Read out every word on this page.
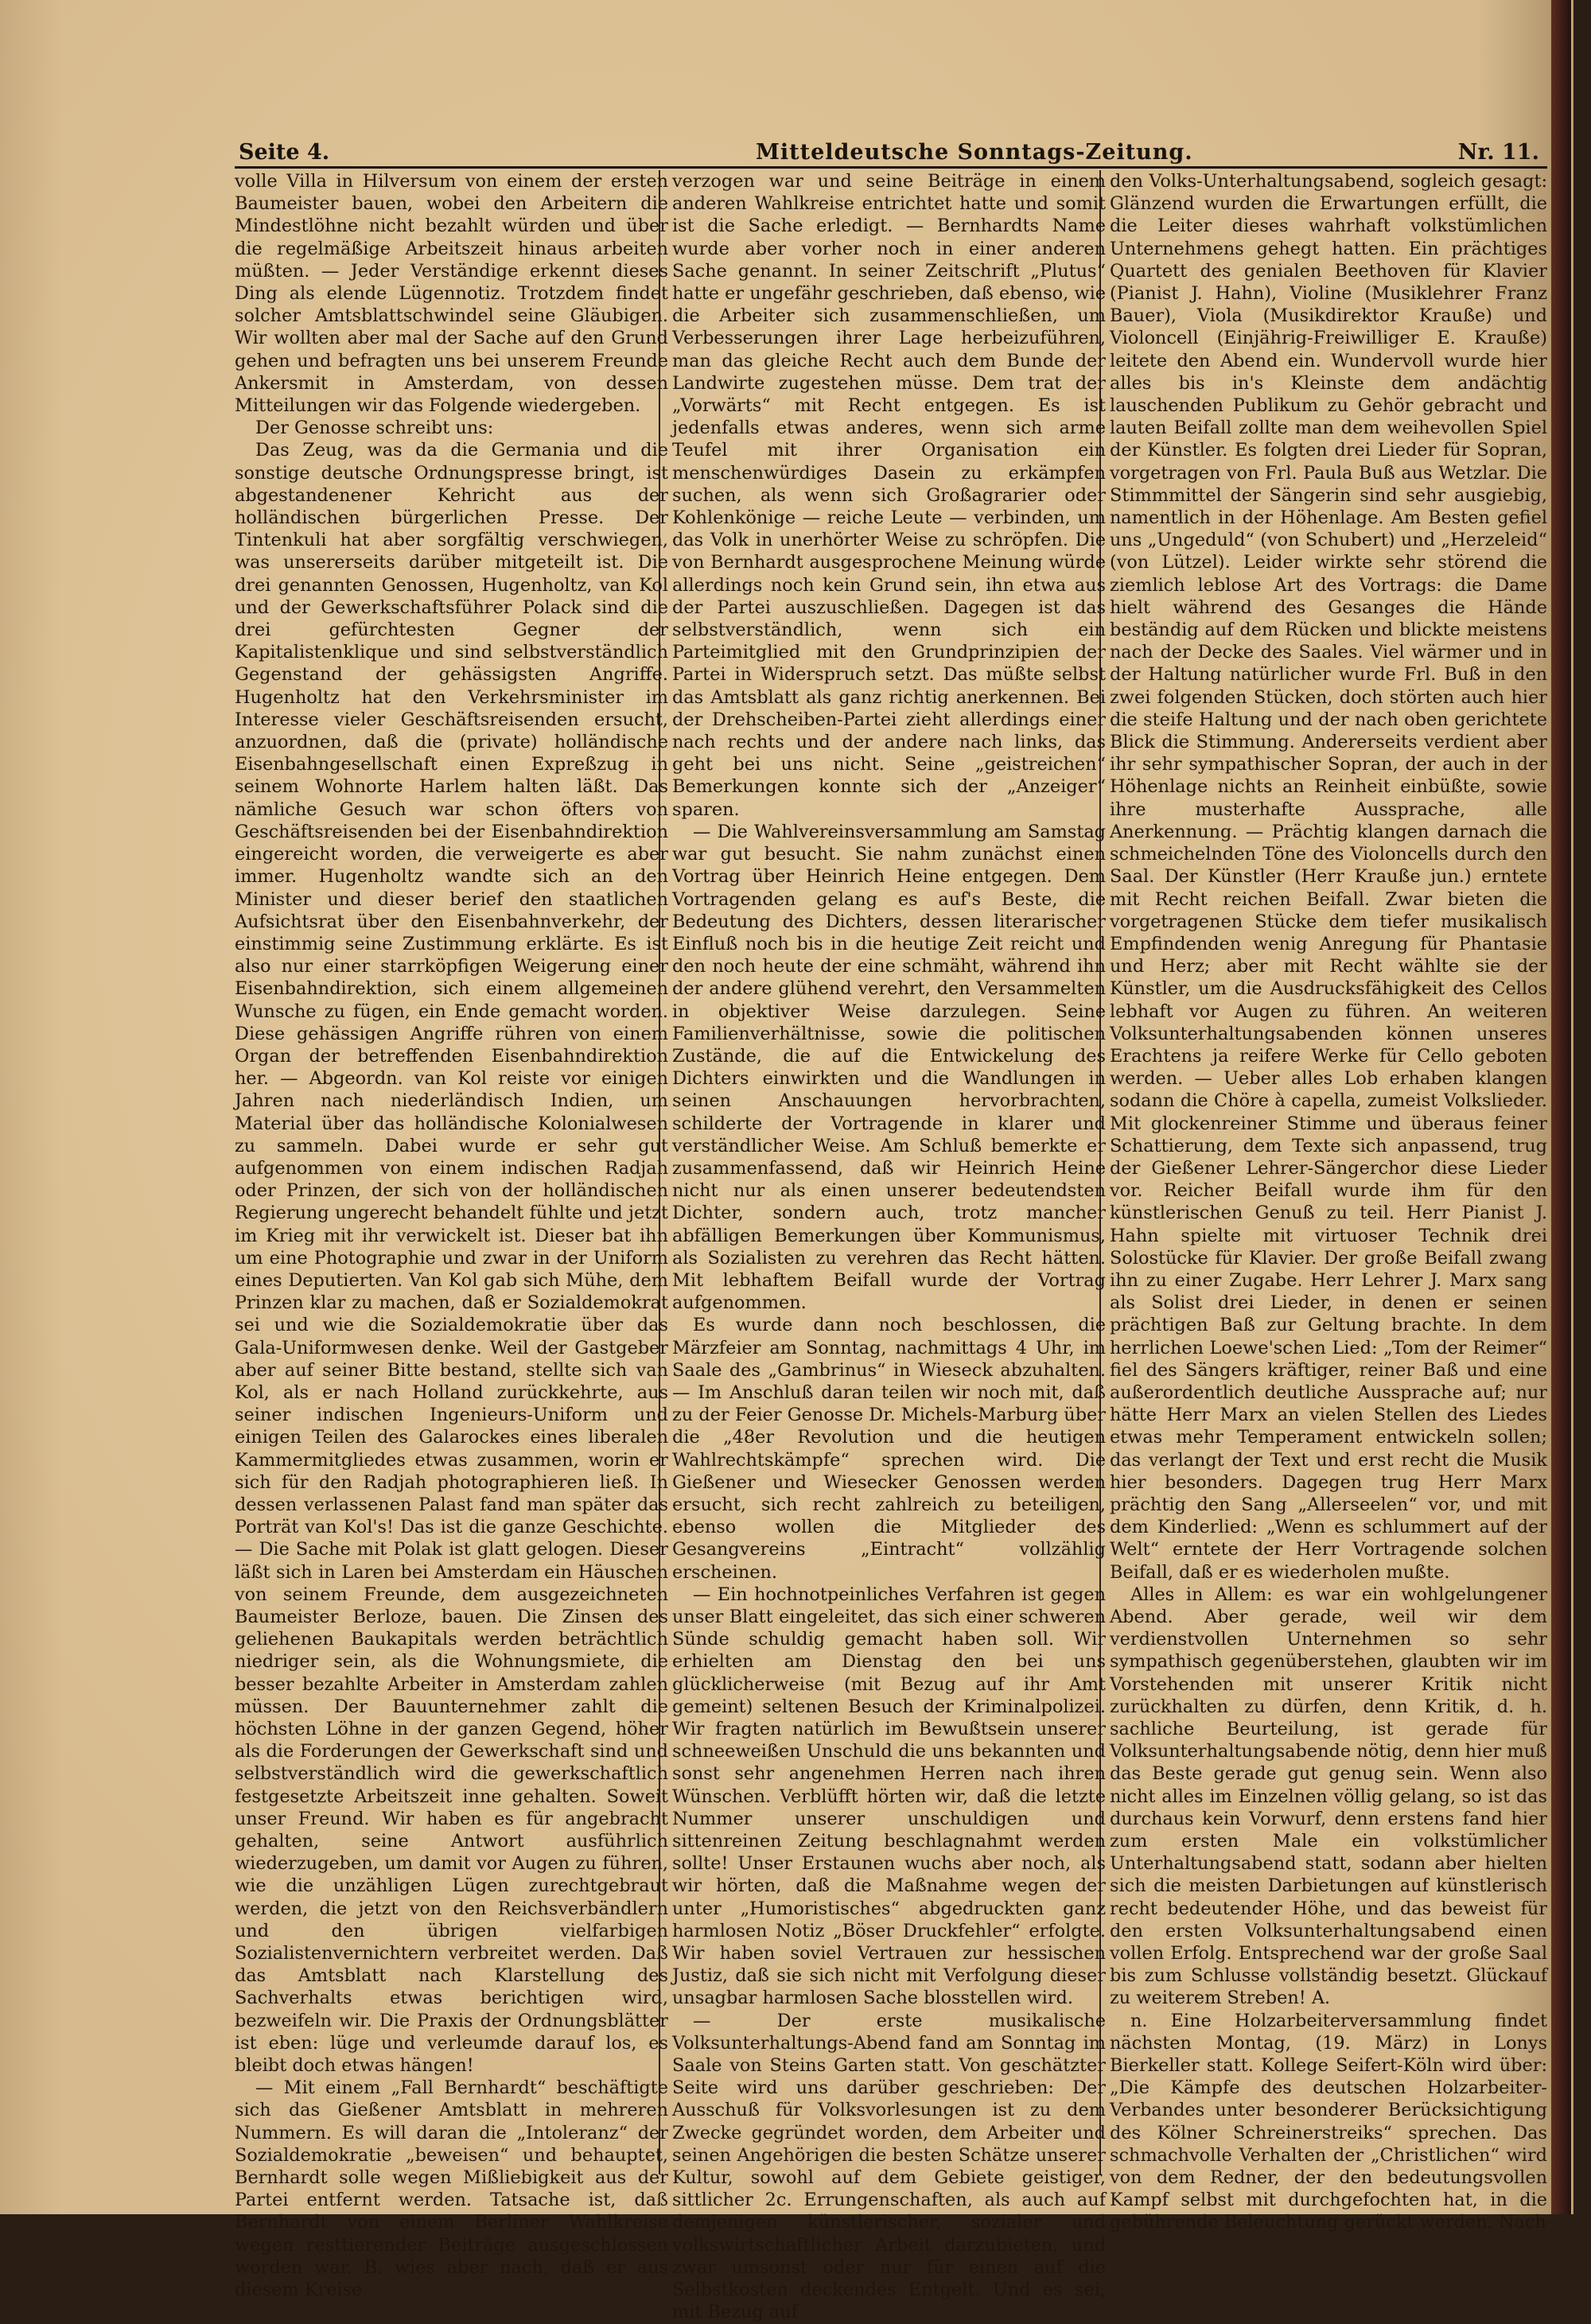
Seite 4.	Mitteldeutsche Sonntags-Zeitung.	Nr. 11.

volle Villa in Hilversum von einem der ersten Baumeister bauen, wobei den Arbeitern die Mindestlöhne nicht bezahlt würden und über die regelmäßige Arbeitszeit hinaus arbeiten müßten. — Jeder Verständige erkennt dieses Ding als elende Lügennotiz. Trotzdem findet solcher Amtsblattschwindel seine Gläubigen. Wir wollten aber mal der Sache auf den Grund gehen und befragten uns bei unserem Freunde Ankersmit in Amsterdam, von dessen Mitteilungen wir das Folgende wiedergeben.

Der Genosse schreibt uns:

Das Zeug, was da die Germania und die sonstige deutsche Ordnungspresse bringt, ist abgestandenener Kehricht aus der holländischen bürgerlichen Presse. Der Tintenkuli hat aber sorgfältig verschwiegen, was unsererseits darüber mitgeteilt ist. Die drei genannten Genossen, Hugenholtz, van Kol und der Gewerkschaftsführer Polack sind die drei gefürchtesten Gegner der Kapitalistenklique und sind selbstverständlich Gegenstand der gehässigsten Angriffe. Hugenholtz hat den Verkehrsminister im Interesse vieler Geschäftsreisenden ersucht, anzuordnen, daß die (private) holländische Eisenbahngesellschaft einen Expreßzug in seinem Wohnorte Harlem halten läßt. Das nämliche Gesuch war schon öfters von Geschäftsreisenden bei der Eisenbahndirektion eingereicht worden, die verweigerte es aber immer. Hugenholtz wandte sich an den Minister und dieser berief den staatlichen Aufsichtsrat über den Eisenbahnverkehr, der einstimmig seine Zustimmung erklärte. Es ist also nur einer starrköpfigen Weigerung einer Eisenbahndirektion, sich einem allgemeinen Wunsche zu fügen, ein Ende gemacht worden. Diese gehässigen Angriffe rühren von einem Organ der betreffenden Eisenbahndirektion her. — Abgeordn. van Kol reiste vor einigen Jahren nach niederländisch Indien, um Material über das holländische Kolonialwesen zu sammeln. Dabei wurde er sehr gut aufgenommen von einem indischen Radjah oder Prinzen, der sich von der holländischen Regierung ungerecht behandelt fühlte und jetzt im Krieg mit ihr verwickelt ist. Dieser bat ihn um eine Photographie und zwar in der Uniform eines Deputierten. Van Kol gab sich Mühe, dem Prinzen klar zu machen, daß er Sozialdemokrat sei und wie die Sozialdemokratie über das Gala-Uniformwesen denke. Weil der Gastgeber aber auf seiner Bitte bestand, stellte sich van Kol, als er nach Holland zurückkehrte, aus seiner indischen Ingenieurs-Uniform und einigen Teilen des Galarockes eines liberalen Kammermitgliedes etwas zusammen, worin er sich für den Radjah photographieren ließ. In dessen verlassenen Palast fand man später das Porträt van Kol's! Das ist die ganze Geschichte. — Die Sache mit Polak ist glatt gelogen. Dieser läßt sich in Laren bei Amsterdam ein Häuschen von seinem Freunde, dem ausgezeichneten Baumeister Berloze, bauen. Die Zinsen des geliehenen Baukapitals werden beträchtlich niedriger sein, als die Wohnungsmiete, die besser bezahlte Arbeiter in Amsterdam zahlen müssen. Der Bauunternehmer zahlt die höchsten Löhne in der ganzen Gegend, höher als die Forderungen der Gewerkschaft sind und selbstverständlich wird die gewerkschaftlich festgesetzte Arbeitszeit inne gehalten. Soweit unser Freund. Wir haben es für angebracht gehalten, seine Antwort ausführlich wiederzugeben, um damit vor Augen zu führen, wie die unzähligen Lügen zurechtgebraut werden, die jetzt von den Reichsverbändlern und den übrigen vielfarbigen Sozialistenvernichtern verbreitet werden. Daß das Amtsblatt nach Klarstellung des Sachverhalts etwas berichtigen wird, bezweifeln wir. Die Praxis der Ordnungsblätter ist eben: lüge und verleumde darauf los, es bleibt doch etwas hängen!

— Mit einem „Fall Bernhardt“ beschäftigte sich das Gießener Amtsblatt in mehreren Nummern. Es will daran die „Intoleranz“ der Sozialdemokratie „beweisen“ und behauptet, Bernhardt solle wegen Mißliebigkeit aus der Partei entfernt werden. Tatsache ist, daß Bernhardt von einem Berliner Wahlkreise wegen resttierender Beiträge ausgeschlossen worden war. B. wies aber nach, daß er aus diesem Kreise

verzogen war und seine Beiträge in einem anderen Wahlkreise entrichtet hatte und somit ist die Sache erledigt. — Bernhardts Name wurde aber vorher noch in einer anderen Sache genannt. In seiner Zeitschrift „Plutus“ hatte er ungefähr geschrieben, daß ebenso, wie die Arbeiter sich zusammenschließen, um Verbesserungen ihrer Lage herbeizuführen, man das gleiche Recht auch dem Bunde der Landwirte zugestehen müsse. Dem trat der „Vorwärts“ mit Recht entgegen. Es ist jedenfalls etwas anderes, wenn sich arme Teufel mit ihrer Organisation ein menschenwürdiges Dasein zu erkämpfen suchen, als wenn sich Großagrarier oder Kohlenkönige — reiche Leute — verbinden, um das Volk in unerhörter Weise zu schröpfen. Die von Bernhardt ausgesprochene Meinung würde allerdings noch kein Grund sein, ihn etwa aus der Partei auszuschließen. Dagegen ist das selbstverständlich, wenn sich ein Parteimitglied mit den Grundprinzipien der Partei in Widerspruch setzt. Das müßte selbst das Amtsblatt als ganz richtig anerkennen. Bei der Drehscheiben-Partei zieht allerdings einer nach rechts und der andere nach links, das geht bei uns nicht. Seine „geistreichen“ Bemerkungen konnte sich der „Anzeiger“ sparen.

— Die Wahlvereinsversammlung am Samstag war gut besucht. Sie nahm zunächst einen Vortrag über Heinrich Heine entgegen. Dem Vortragenden gelang es auf's Beste, die Bedeutung des Dichters, dessen literarischer Einfluß noch bis in die heutige Zeit reicht und den noch heute der eine schmäht, während ihn der andere glühend verehrt, den Versammelten in objektiver Weise darzulegen. Seine Familienverhältnisse, sowie die politischen Zustände, die auf die Entwickelung des Dichters einwirkten und die Wandlungen in seinen Anschauungen hervorbrachten, schilderte der Vortragende in klarer und verständlicher Weise. Am Schluß bemerkte er zusammenfassend, daß wir Heinrich Heine nicht nur als einen unserer bedeutendsten Dichter, sondern auch, trotz mancher abfälligen Bemerkungen über Kommunismus, als Sozialisten zu verehren das Recht hätten. Mit lebhaftem Beifall wurde der Vortrag aufgenommen.

Es wurde dann noch beschlossen, die Märzfeier am Sonntag, nachmittags 4 Uhr, im Saale des „Gambrinus“ in Wieseck abzuhalten. — Im Anschluß daran teilen wir noch mit, daß zu der Feier Genosse Dr. Michels-Marburg über die „48er Revolution und die heutigen Wahlrechtskämpfe“ sprechen wird. Die Gießener und Wiesecker Genossen werden ersucht, sich recht zahlreich zu beteiligen, ebenso wollen die Mitglieder des Gesangvereins „Eintracht“ vollzählig erscheinen.

— Ein hochnotpeinliches Verfahren ist gegen unser Blatt eingeleitet, das sich einer schweren Sünde schuldig gemacht haben soll. Wir erhielten am Dienstag den bei uns glücklicherweise (mit Bezug auf ihr Amt gemeint) seltenen Besuch der Kriminalpolizei. Wir fragten natürlich im Bewußtsein unserer schneeweißen Unschuld die uns bekannten und sonst sehr angenehmen Herren nach ihren Wünschen. Verblüfft hörten wir, daß die letzte Nummer unserer unschuldigen und sittenreinen Zeitung beschlagnahmt werden sollte! Unser Erstaunen wuchs aber noch, als wir hörten, daß die Maßnahme wegen der unter „Humoristisches“ abgedruckten ganz harmlosen Notiz „Böser Druckfehler“ erfolgte. Wir haben soviel Vertrauen zur hessischen Justiz, daß sie sich nicht mit Verfolgung dieser unsagbar harmlosen Sache blosstellen wird.

— Der erste musikalische Volksunterhaltungs-Abend fand am Sonntag im Saale von Steins Garten statt. Von geschätzter Seite wird uns darüber geschrieben: Der Ausschuß für Volksvorlesungen ist zu dem Zwecke gegründet worden, dem Arbeiter und seinen Angehörigen die besten Schätze unserer Kultur, sowohl auf dem Gebiete geistiger, sittlicher 2c. Errungenschaften, als auch auf demjenigen künstlerischer, sozialer und volkswirtschaftlicher Arbeit darzubieten, und zwar umsonst oder nur für einen auf die Selbstkosten deckendes Entgelt. Und es sei, mit Bezug auf

den Volks-Unterhaltungsabend, sogleich gesagt: Glänzend wurden die Erwartungen erfüllt, die die Leiter dieses wahrhaft volkstümlichen Unternehmens gehegt hatten. Ein prächtiges Quartett des genialen Beethoven für Klavier (Pianist J. Hahn), Violine (Musiklehrer Franz Bauer), Viola (Musikdirektor Krauße) und Violoncell (Einjährig-Freiwilliger E. Krauße) leitete den Abend ein. Wundervoll wurde hier alles bis in's Kleinste dem andächtig lauschenden Publikum zu Gehör gebracht und lauten Beifall zollte man dem weihevollen Spiel der Künstler. Es folgten drei Lieder für Sopran, vorgetragen von Frl. Paula Buß aus Wetzlar. Die Stimmmittel der Sängerin sind sehr ausgiebig, namentlich in der Höhenlage. Am Besten gefiel uns „Ungeduld“ (von Schubert) und „Herzeleid“ (von Lützel). Leider wirkte sehr störend die ziemlich leblose Art des Vortrags: die Dame hielt während des Gesanges die Hände beständig auf dem Rücken und blickte meistens nach der Decke des Saales. Viel wärmer und in der Haltung natürlicher wurde Frl. Buß in den zwei folgenden Stücken, doch störten auch hier die steife Haltung und der nach oben gerichtete Blick die Stimmung. Andererseits verdient aber ihr sehr sympathischer Sopran, der auch in der Höhenlage nichts an Reinheit einbüßte, sowie ihre musterhafte Aussprache, alle Anerkennung. — Prächtig klangen darnach die schmeichelnden Töne des Violoncells durch den Saal. Der Künstler (Herr Krauße jun.) erntete mit Recht reichen Beifall. Zwar bieten die vorgetragenen Stücke dem tiefer musikalisch Empfindenden wenig Anregung für Phantasie und Herz; aber mit Recht wählte sie der Künstler, um die Ausdrucksfähigkeit des Cellos lebhaft vor Augen zu führen. An weiteren Volksunterhaltungsabenden können unseres Erachtens ja reifere Werke für Cello geboten werden. — Ueber alles Lob erhaben klangen sodann die Chöre à capella, zumeist Volkslieder. Mit glockenreiner Stimme und überaus feiner Schattierung, dem Texte sich anpassend, trug der Gießener Lehrer-Sängerchor diese Lieder vor. Reicher Beifall wurde ihm für den künstlerischen Genuß zu teil. Herr Pianist J. Hahn spielte mit virtuoser Technik drei Solostücke für Klavier. Der große Beifall zwang ihn zu einer Zugabe. Herr Lehrer J. Marx sang als Solist drei Lieder, in denen er seinen prächtigen Baß zur Geltung brachte. In dem herrlichen Loewe'schen Lied: „Tom der Reimer“ fiel des Sängers kräftiger, reiner Baß und eine außerordentlich deutliche Aussprache auf; nur hätte Herr Marx an vielen Stellen des Liedes etwas mehr Temperament entwickeln sollen; das verlangt der Text und erst recht die Musik hier besonders. Dagegen trug Herr Marx prächtig den Sang „Allerseelen“ vor, und mit dem Kinderlied: „Wenn es schlummert auf der Welt“ erntete der Herr Vortragende solchen Beifall, daß er es wiederholen mußte.

Alles in Allem: es war ein wohlgelungener Abend. Aber gerade, weil wir dem verdienstvollen Unternehmen so sehr sympathisch gegenüberstehen, glaubten wir im Vorstehenden mit unserer Kritik nicht zurückhalten zu dürfen, denn Kritik, d. h. sachliche Beurteilung, ist gerade für Volksunterhaltungsabende nötig, denn hier muß das Beste gerade gut genug sein. Wenn also nicht alles im Einzelnen völlig gelang, so ist das durchaus kein Vorwurf, denn erstens fand hier zum ersten Male ein volkstümlicher Unterhaltungsabend statt, sodann aber hielten sich die meisten Darbietungen auf künstlerisch recht bedeutender Höhe, und das beweist für den ersten Volksunterhaltungsabend einen vollen Erfolg. Entsprechend war der große Saal bis zum Schlusse vollständig besetzt. Glückauf zu weiterem Streben! A.

n. Eine Holzarbeiterversammlung findet nächsten Montag, (19. März) in Lonys Bierkeller statt. Kollege Seifert-Köln wird über: „Die Kämpfe des deutschen Holzarbeiter-Verbandes unter besonderer Berücksichtigung des Kölner Schreinerstreiks“ sprechen. Das schmachvolle Verhalten der „Christlichen“ wird von dem Redner, der den bedeutungsvollen Kampf selbst mit durchgefochten hat, in die gebührende Beleuchtung gerückt werden. Nach
